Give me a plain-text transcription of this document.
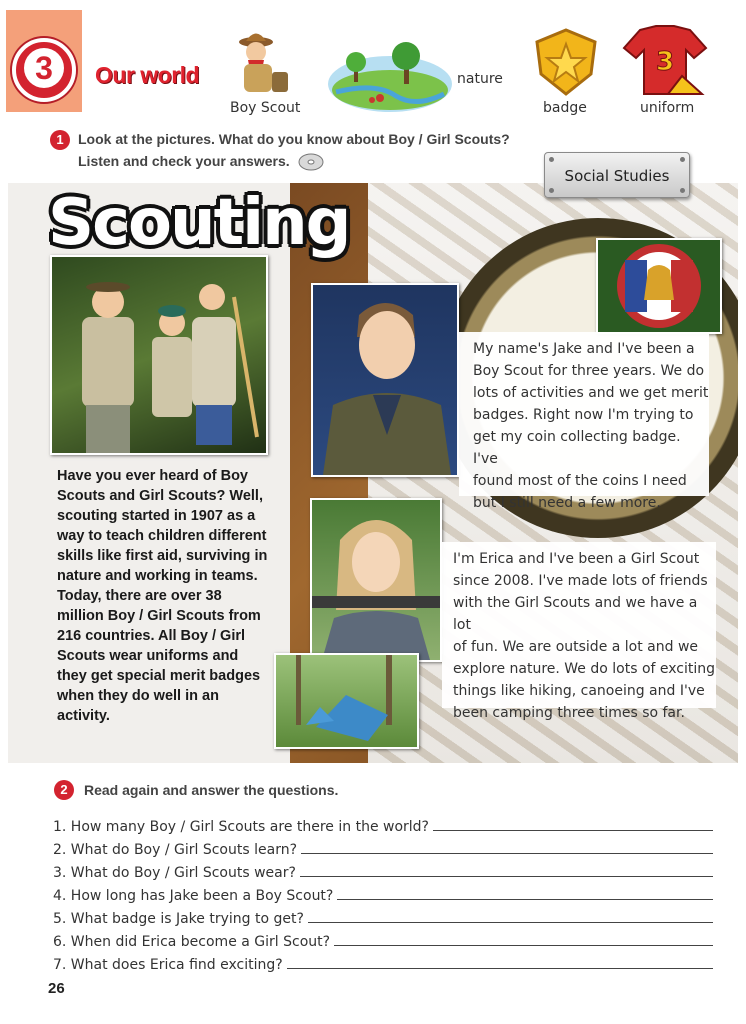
3	Our world
Boy Scout
nature
badge
3
uniform
1	Look at the pictures. What do you know about Boy / Girl Scouts?
Listen and check your answers.
Scouting
Have you ever heard of Boy Scouts and Girl Scouts? Well, scouting started in 1907 as a way to teach children different skills like first aid, surviving in nature and working in teams. Today, there are over 38 million Boy / Girl Scouts from 216 countries. All Boy / Girl Scouts wear uniforms and they get special merit badges when they do well in an activity.

My name's Jake and I've been a
Boy Scout for three years. We do
lots of activities and we get merit
badges. Right now I'm trying to
get my coin collecting badge. I've
found most of the coins I need
but I still need a few more.

I'm Erica and I've been a Girl Scout
since 2008. I've made lots of friends
with the Girl Scouts and we have a lot
of fun. We are outside a lot and we
explore nature. We do lots of exciting
things like hiking, canoeing and I've
been camping three times so far.

Social Studies
2	Read again and answer the questions.
1. How many Boy / Girl Scouts are there in the world?
2. What do Boy / Girl Scouts learn?
3. What do Boy / Girl Scouts wear?
4. How long has Jake been a Boy Scout?
5. What badge is Jake trying to get?
6. When did Erica become a Girl Scout?
7. What does Erica find exciting?
26
